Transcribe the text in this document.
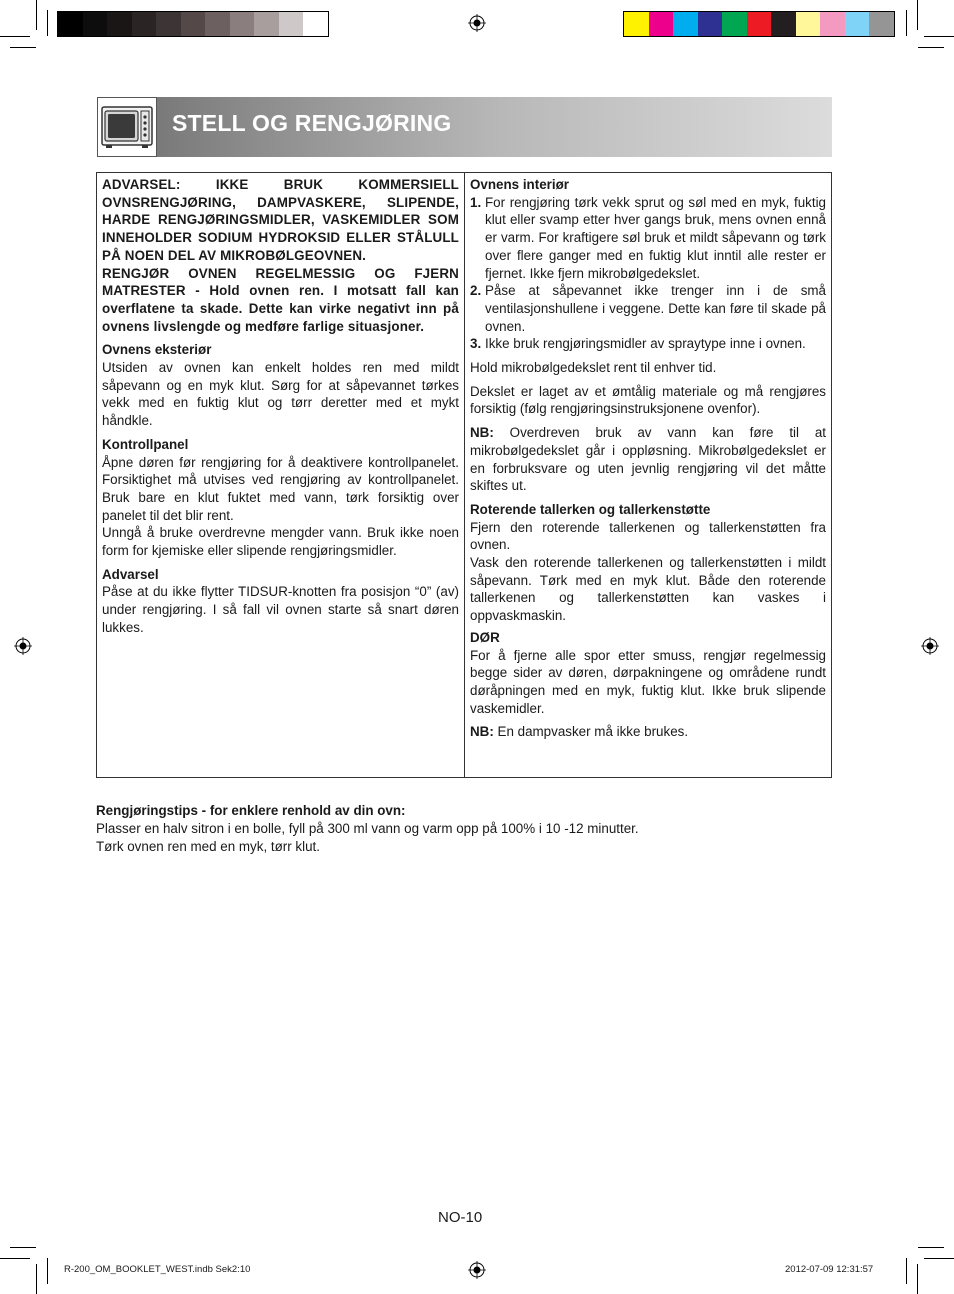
STELL OG RENGJØRING

ADVARSEL: IKKE BRUK KOMMERSIELL OVNSRENGJØRING, DAMPVASKERE, SLIPENDE, HARDE RENGJØRINGSMIDLER, VASKEMIDLER SOM INNEHOLDER SODIUM HYDROKSID ELLER STÅLULL PÅ NOEN DEL AV MIKROBØLGEOVNEN.

RENGJØR OVNEN REGELMESSIG OG FJERN MATRESTER - Hold ovnen ren. I motsatt fall kan overflatene ta skade. Dette kan virke negativt inn på ovnens livslengde og medføre farlige situasjoner.

Ovnens eksteriør

Utsiden av ovnen kan enkelt holdes ren med mildt såpevann og en myk klut. Sørg for at såpevannet tørkes vekk med en fuktig klut og tørr deretter med et mykt håndkle.

Kontrollpanel

Åpne døren før rengjøring for å deaktivere kontrollpanelet. Forsiktighet må utvises ved rengjøring av kontrollpanelet. Bruk bare en klut fuktet med vann, tørk forsiktig over panelet til det blir rent.

Unngå å bruke overdrevne mengder vann. Bruk ikke noen form for kjemiske eller slipende rengjøringsmidler.

Advarsel

Påse at du ikke flytter TIDSUR-knotten fra posisjon “0” (av) under rengjøring. I så fall vil ovnen starte så snart døren lukkes.

Ovnens interiør

1. For rengjøring tørk vekk sprut og søl med en myk, fuktig klut eller svamp etter hver gangs bruk, mens ovnen ennå er varm. For kraftigere søl bruk et mildt såpevann og tørk over flere ganger med en fuktig klut inntil alle rester er fjernet. Ikke fjern mikrobølgedekslet.
2. Påse at såpevannet ikke trenger inn i de små ventilasjonshullene i veggene. Dette kan føre til skade på ovnen.
3. Ikke bruk rengjøringsmidler av spraytype inne i ovnen.

Hold mikrobølgedekslet rent til enhver tid.

Dekslet er laget av et ømtålig materiale og må rengjøres forsiktig (følg rengjøringsinstruksjonene ovenfor).

NB: Overdreven bruk av vann kan føre til at mikrobølgedekslet går i oppløsning. Mikrobølgedekslet er en forbruksvare og uten jevnlig rengjøring vil det måtte skiftes ut.

Roterende tallerken og tallerkenstøtte

Fjern den roterende tallerkenen og tallerkenstøtten fra ovnen.

Vask den roterende tallerkenen og tallerkenstøtten i mildt såpevann. Tørk med en myk klut. Både den roterende tallerkenen og tallerkenstøtten kan vaskes i oppvaskmaskin.

DØR

For å fjerne alle spor etter smuss, rengjør regelmessig begge sider av døren, dørpakningene og områdene rundt døråpningen med en myk, fuktig klut. Ikke bruk slipende vaskemidler.

NB: En dampvasker må ikke brukes.

Rengjøringstips - for enklere renhold av din ovn:

Plasser en halv sitron i en bolle, fyll på 300 ml vann og varm opp på 100% i 10 -12 minutter.

Tørk ovnen ren med en myk, tørr klut.

NO-10
R-200_OM_BOOKLET_WEST.indb Sek2:10	2012-07-09 12:31:57
